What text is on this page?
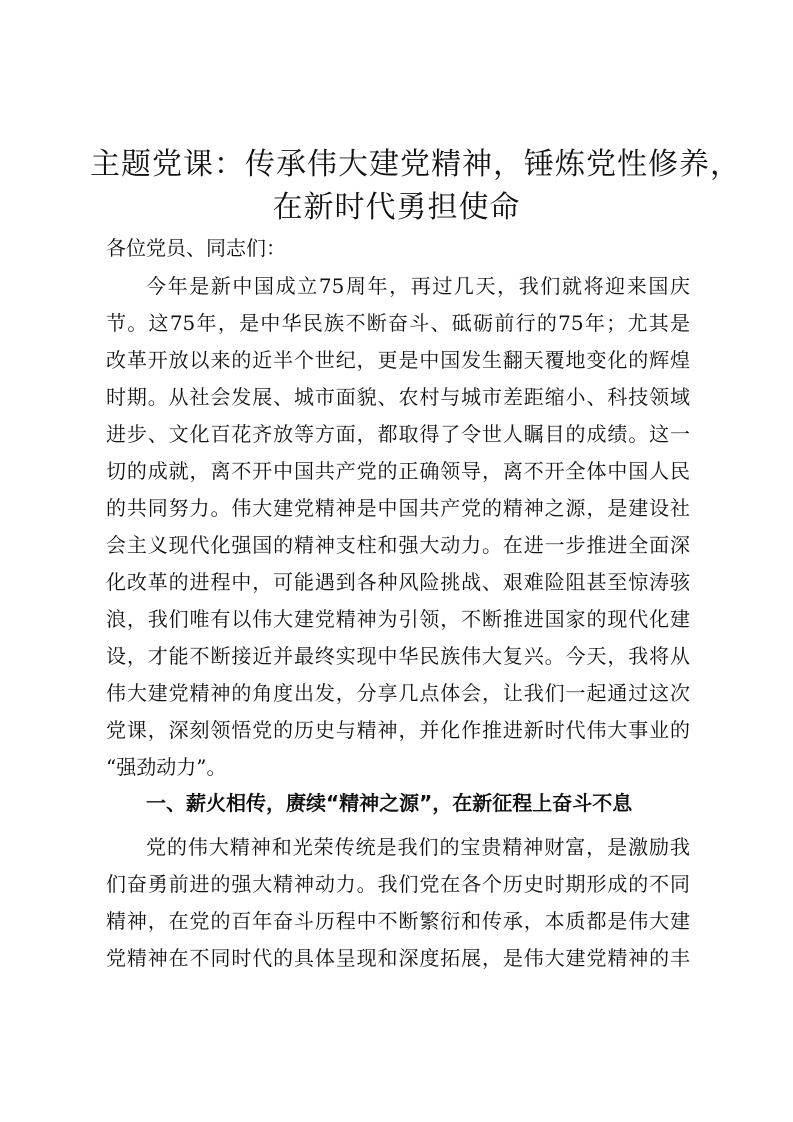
主题党课：传承伟大建党精神，锤炼党性修养，
在新时代勇担使命
各位党员、同志们：
今年是新中国成立75周年，再过几天，我们就将迎来国庆
节。这75年，是中华民族不断奋斗、砥砺前行的75年；尤其是
改革开放以来的近半个世纪，更是中国发生翻天覆地变化的辉煌
时期。从社会发展、城市面貌、农村与城市差距缩小、科技领域
进步、文化百花齐放等方面，都取得了令世人瞩目的成绩。这一
切的成就，离不开中国共产党的正确领导，离不开全体中国人民
的共同努力。伟大建党精神是中国共产党的精神之源，是建设社
会主义现代化强国的精神支柱和强大动力。在进一步推进全面深
化改革的进程中，可能遇到各种风险挑战、艰难险阻甚至惊涛骇
浪，我们唯有以伟大建党精神为引领，不断推进国家的现代化建
设，才能不断接近并最终实现中华民族伟大复兴。今天，我将从
伟大建党精神的角度出发，分享几点体会，让我们一起通过这次
党课，深刻领悟党的历史与精神，并化作推进新时代伟大事业的
“强劲动力”。
一、薪火相传，赓续“精神之源”，在新征程上奋斗不息
党的伟大精神和光荣传统是我们的宝贵精神财富，是激励我
们奋勇前进的强大精神动力。我们党在各个历史时期形成的不同
精神，在党的百年奋斗历程中不断繁衍和传承，本质都是伟大建
党精神在不同时代的具体呈现和深度拓展，是伟大建党精神的丰
